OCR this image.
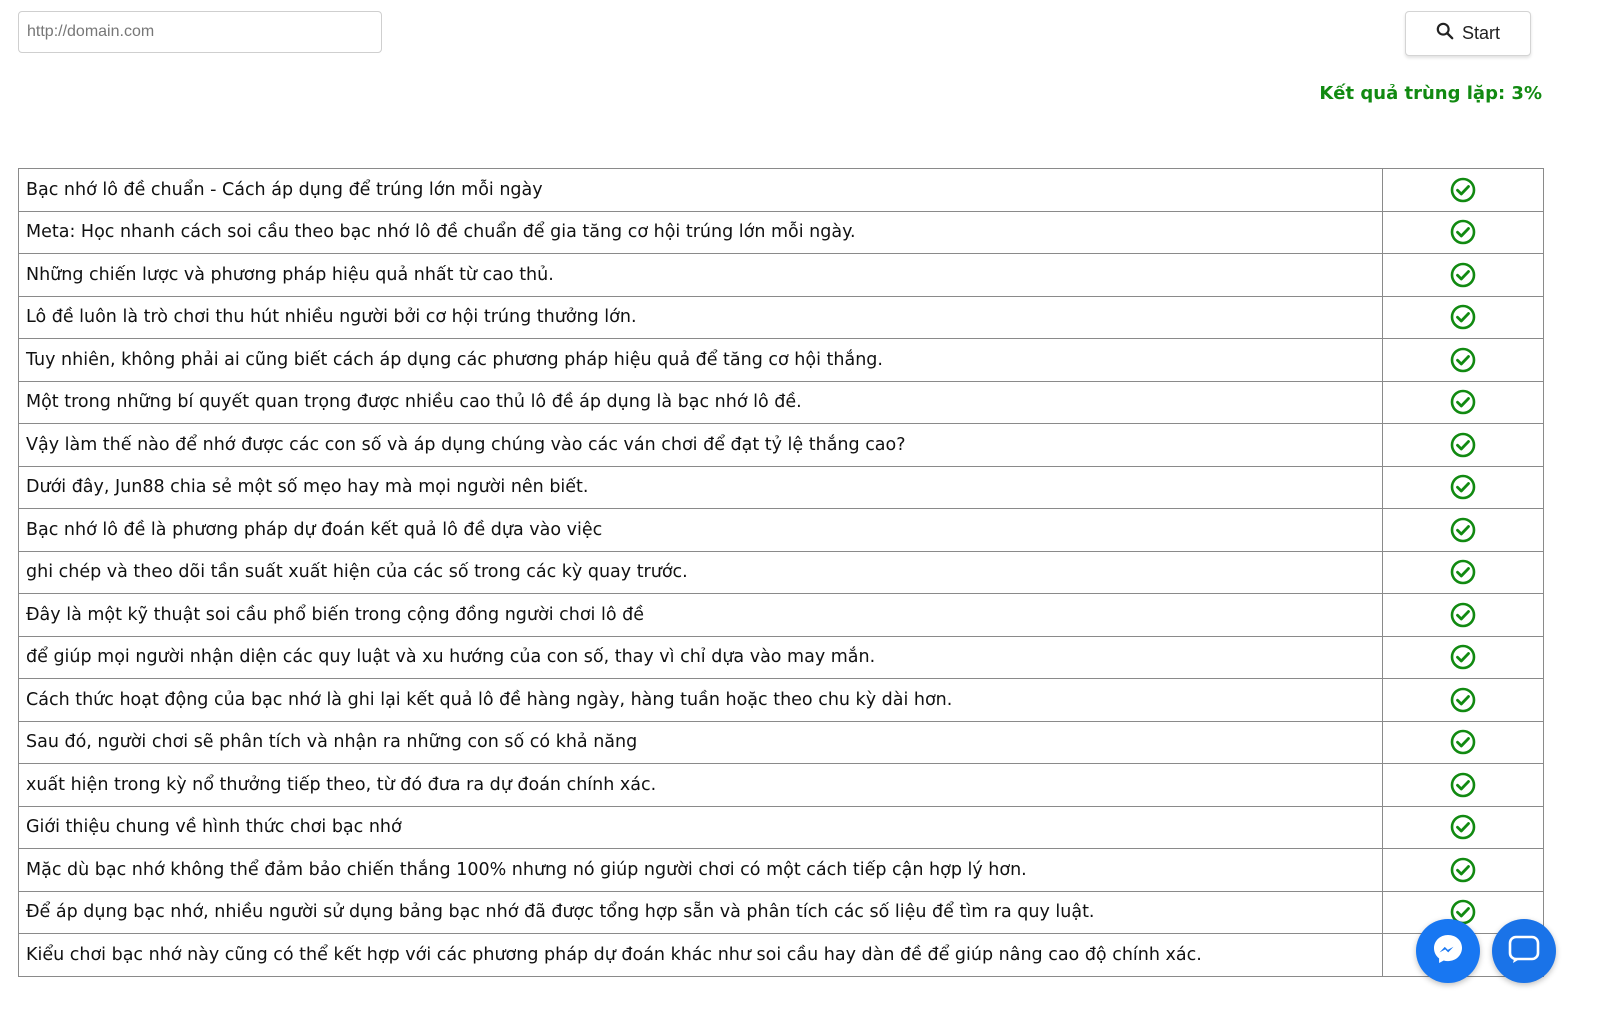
http://domain.com
Start
Kết quả trùng lặp: 3%
Bạc nhớ lô đề chuẩn - Cách áp dụng để trúng lớn mỗi ngày	
Meta: Học nhanh cách soi cầu theo bạc nhớ lô đề chuẩn để gia tăng cơ hội trúng lớn mỗi ngày.	
Những chiến lược và phương pháp hiệu quả nhất từ cao thủ.	
Lô đề luôn là trò chơi thu hút nhiều người bởi cơ hội trúng thưởng lớn.	
Tuy nhiên, không phải ai cũng biết cách áp dụng các phương pháp hiệu quả để tăng cơ hội thắng.	
Một trong những bí quyết quan trọng được nhiều cao thủ lô đề áp dụng là bạc nhớ lô đề.	
Vậy làm thế nào để nhớ được các con số và áp dụng chúng vào các ván chơi để đạt tỷ lệ thắng cao?	
Dưới đây, Jun88 chia sẻ một số mẹo hay mà mọi người nên biết.	
Bạc nhớ lô đề là phương pháp dự đoán kết quả lô đề dựa vào việc	
ghi chép và theo dõi tần suất xuất hiện của các số trong các kỳ quay trước.	
Đây là một kỹ thuật soi cầu phổ biến trong cộng đồng người chơi lô đề	
để giúp mọi người nhận diện các quy luật và xu hướng của con số, thay vì chỉ dựa vào may mắn.	
Cách thức hoạt động của bạc nhớ là ghi lại kết quả lô đề hàng ngày, hàng tuần hoặc theo chu kỳ dài hơn.	
Sau đó, người chơi sẽ phân tích và nhận ra những con số có khả năng	
xuất hiện trong kỳ nổ thưởng tiếp theo, từ đó đưa ra dự đoán chính xác.	
Giới thiệu chung về hình thức chơi bạc nhớ	
Mặc dù bạc nhớ không thể đảm bảo chiến thắng 100% nhưng nó giúp người chơi có một cách tiếp cận hợp lý hơn.	
Để áp dụng bạc nhớ, nhiều người sử dụng bảng bạc nhớ đã được tổng hợp sẵn và phân tích các số liệu để tìm ra quy luật.	
Kiểu chơi bạc nhớ này cũng có thể kết hợp với các phương pháp dự đoán khác như soi cầu hay dàn đề để giúp nâng cao độ chính xác.	
